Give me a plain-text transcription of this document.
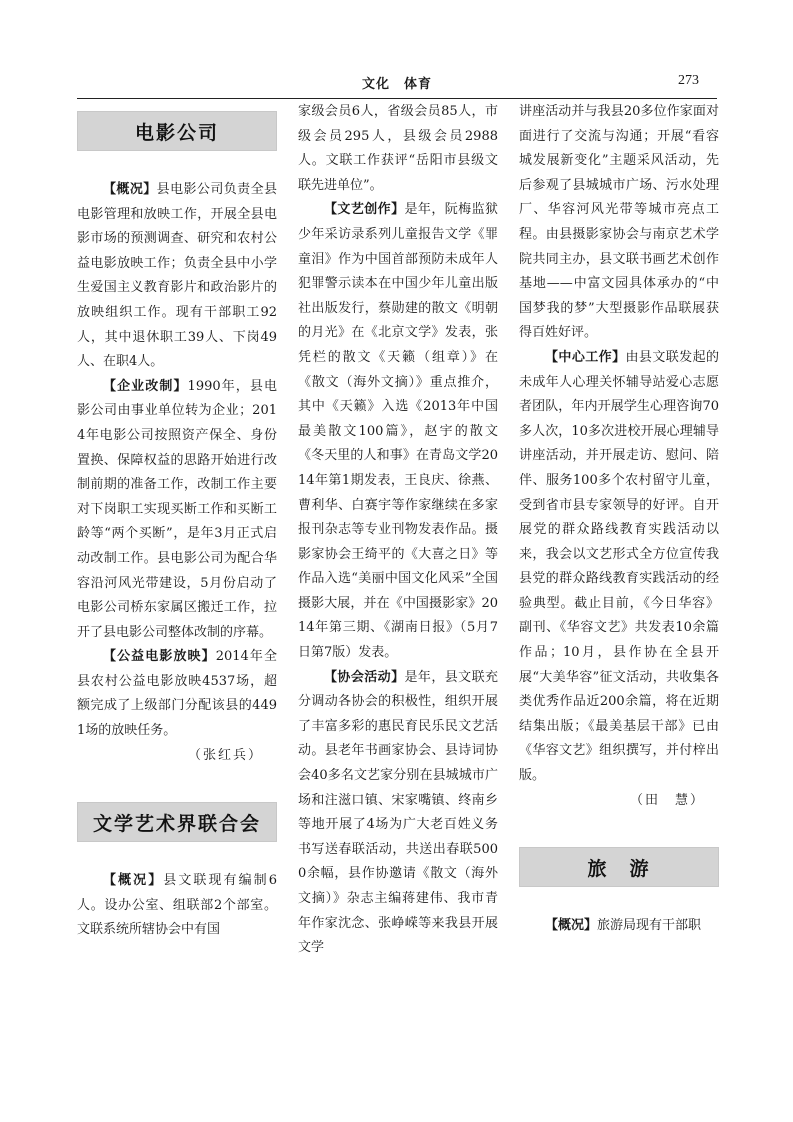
文化　体育	273
电影公司

【概况】县电影公司负责全县电影管理和放映工作，开展全县电影市场的预测调查、研究和农村公益电影放映工作；负责全县中小学生爱国主义教育影片和政治影片的放映组织工作。现有干部职工92人，其中退休职工39人、下岗49人、在职4人。

【企业改制】1990年，县电影公司由事业单位转为企业；2014年电影公司按照资产保全、身份置换、保障权益的思路开始进行改制前期的准备工作，改制工作主要对下岗职工实现买断工作和买断工龄等“两个买断”，是年3月正式启动改制工作。县电影公司为配合华容沿河风光带建设，5月份启动了电影公司桥东家属区搬迁工作，拉开了县电影公司整体改制的序幕。

【公益电影放映】2014年全县农村公益电影放映4537场，超额完成了上级部门分配该县的4491场的放映任务。

（张红兵）
文学艺术界联合会

【概况】县文联现有编制6人。设办公室、组联部2个部室。文联系统所辖协会中有国

家级会员6人，省级会员85人，市级会员295人，县级会员2988人。文联工作获评“岳阳市县级文联先进单位”。

【文艺创作】是年，阮梅监狱少年采访录系列儿童报告文学《罪童泪》作为中国首部预防未成年人犯罪警示读本在中国少年儿童出版社出版发行，蔡勋建的散文《明朝的月光》在《北京文学》发表，张凭栏的散文《天籁（组章）》在《散文（海外文摘）》重点推介，其中《天籁》入选《2013年中国最美散文100篇》，赵宇的散文《冬天里的人和事》在青岛文学2014年第1期发表，王良庆、徐燕、曹利华、白赛宇等作家继续在多家报刊杂志等专业刊物发表作品。摄影家协会王绮平的《大喜之日》等作品入选“美丽中国文化风采”全国摄影大展，并在《中国摄影家》2014年第三期、《湖南日报》（5月7日第7版）发表。

【协会活动】是年，县文联充分调动各协会的积极性，组织开展了丰富多彩的惠民育民乐民文艺活动。县老年书画家协会、县诗词协会40多名文艺家分别在县城城市广场和注滋口镇、宋家嘴镇、终南乡等地开展了4场为广大老百姓义务书写送春联活动，共送出春联5000余幅，县作协邀请《散文（海外文摘）》杂志主编蒋建伟、我市青年作家沈念、张峥嵘等来我县开展文学

讲座活动并与我县20多位作家面对面进行了交流与沟通；开展“看容城发展新变化”主题采风活动，先后参观了县城城市广场、污水处理厂、华容河风光带等城市亮点工程。由县摄影家协会与南京艺术学院共同主办，县文联书画艺术创作基地——中富文园具体承办的“中国梦我的梦”大型摄影作品联展获得百姓好评。

【中心工作】由县文联发起的未成年人心理关怀辅导站爱心志愿者团队，年内开展学生心理咨询70多人次，10多次进校开展心理辅导讲座活动，并开展走访、慰问、陪伴、服务100多个农村留守儿童，受到省市县专家领导的好评。自开展党的群众路线教育实践活动以来，我会以文艺形式全方位宣传我县党的群众路线教育实践活动的经验典型。截止目前，《今日华容》副刊、《华容文艺》共发表10余篇作品；10月，县作协在全县开展“大美华容”征文活动，共收集各类优秀作品近200余篇，将在近期结集出版；《最美基层干部》已由《华容文艺》组织撰写，并付梓出版。

（田　慧）
旅　游

【概况】旅游局现有干部职
